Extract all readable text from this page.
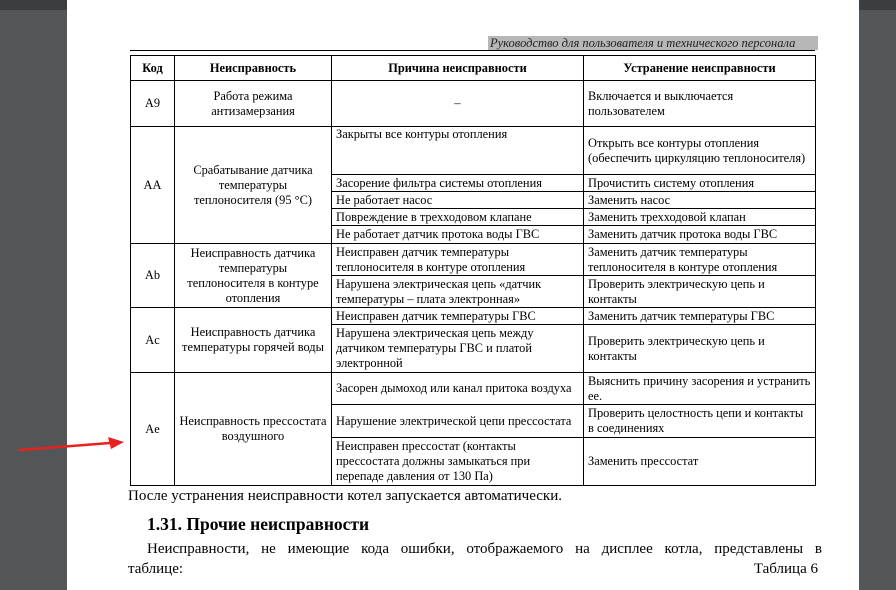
Руководство для пользователя и технического персонала
Код	Неисправность	Причина неисправности	Устранение неисправности
A9	Работа режима антизамерзания	–	Включается и выключается пользователем
AA	Срабатывание датчика температуры теплоносителя (95 °C)	Закрыты все контуры отопления	Открыть все контуры отопления (обеспечить циркуляцию теплоносителя)
		Засорение фильтра системы отопления	Прочистить систему отопления
		Не работает насос	Заменить насос
		Повреждение в трехходовом клапане	Заменить трехходовой клапан
		Не работает датчик протока воды ГВС	Заменить датчик протока воды ГВС
Ab	Неисправность датчика температуры теплоносителя в контуре отопления	Неисправен датчик температуры теплоносителя в контуре отопления	Заменить датчик температуры теплоносителя в контуре отопления
		Нарушена электрическая цепь «датчик температуры – плата электронная»	Проверить электрическую цепь и контакты
Ac	Неисправность датчика температуры горячей воды	Неисправен датчик температуры ГВС	Заменить датчик температуры ГВС
		Нарушена электрическая цепь между датчиком температуры ГВС и платой электронной	Проверить электрическую цепь и контакты
Ae	Неисправность прессостата воздушного	Засорен дымоход или канал притока воздуха	Выяснить причину засорения и устранить ее.
		Нарушение электрической цепи прессостата	Проверить целостность цепи и контакты в соединениях
		Неисправен прессостат (контакты прессостата должны замыкаться при перепаде давления от 130 Па)	Заменить прессостат
После устранения неисправности котел запускается автоматически.
1.31. Прочие неисправности
Неисправности, не имеющие кода ошибки, отображаемого на дисплее котла, представлены в
таблице:	Таблица 6
